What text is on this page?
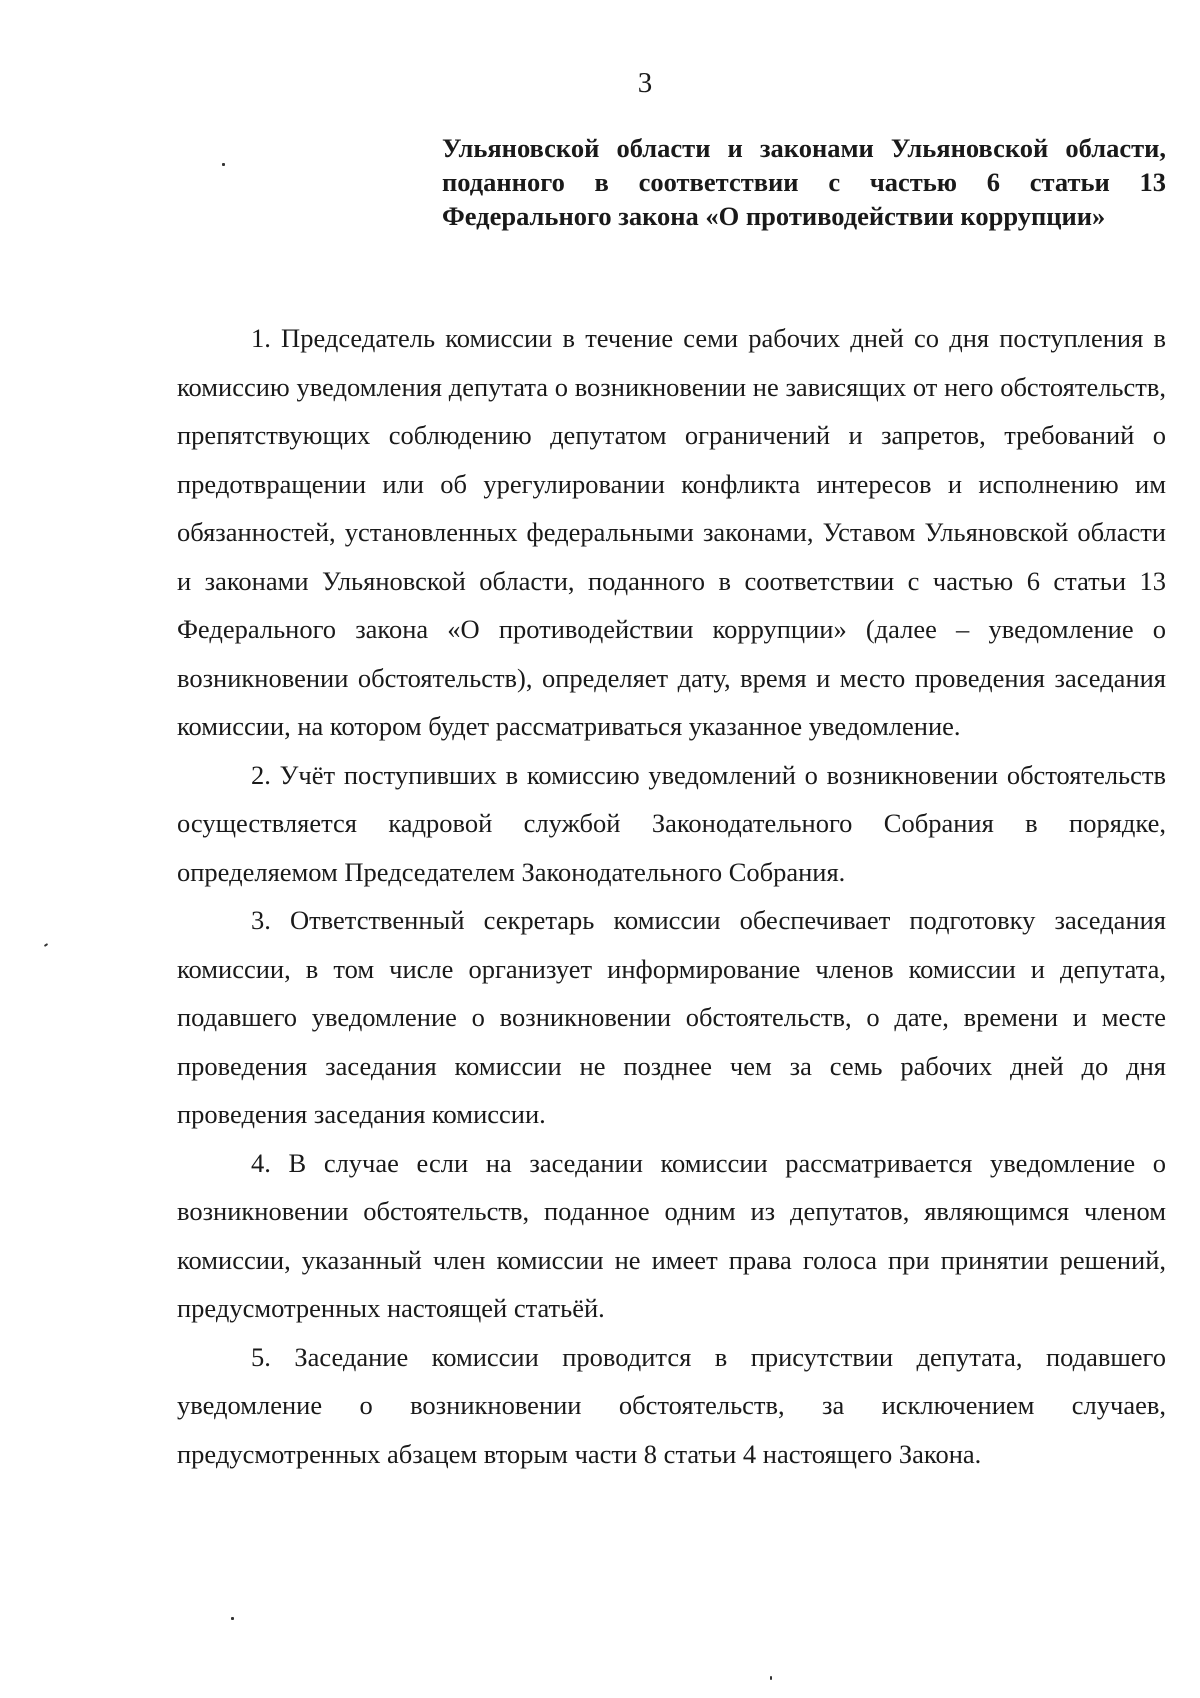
3

Ульяновской области и законами Ульяновской области, поданного в соответствии с частью 6 статьи 13 Федерального закона «О противодействии коррупции»

1. Председатель комиссии в течение семи рабочих дней со дня поступления в комиссию уведомления депутата о возникновении не зависящих от него обстоятельств, препятствующих соблюдению депутатом ограничений и запретов, требований о предотвращении или об урегулировании конфликта интересов и исполнению им обязанностей, установленных федеральными законами, Уставом Ульяновской области и законами Ульяновской области, поданного в соответствии с частью 6 статьи 13 Федерального закона «О противодействии коррупции» (далее – уведомление о возникновении обстоятельств), определяет дату, время и место проведения заседания комиссии, на котором будет рассматриваться указанное уведомление.

2. Учёт поступивших в комиссию уведомлений о возникновении обстоятельств осуществляется кадровой службой Законодательного Собрания в порядке, определяемом Председателем Законодательного Собрания.

3. Ответственный секретарь комиссии обеспечивает подготовку заседания комиссии, в том числе организует информирование членов комиссии и депутата, подавшего уведомление о возникновении обстоятельств, о дате, времени и месте проведения заседания комиссии не позднее чем за семь рабочих дней до дня проведения заседания комиссии.

4. В случае если на заседании комиссии рассматривается уведомление о возникновении обстоятельств, поданное одним из депутатов, являющимся членом комиссии, указанный член комиссии не имеет права голоса при принятии решений, предусмотренных настоящей статьёй.

5. Заседание комиссии проводится в присутствии депутата, подавшего уведомление о возникновении обстоятельств, за исключением случаев, предусмотренных абзацем вторым части 8 статьи 4 настоящего Закона.
